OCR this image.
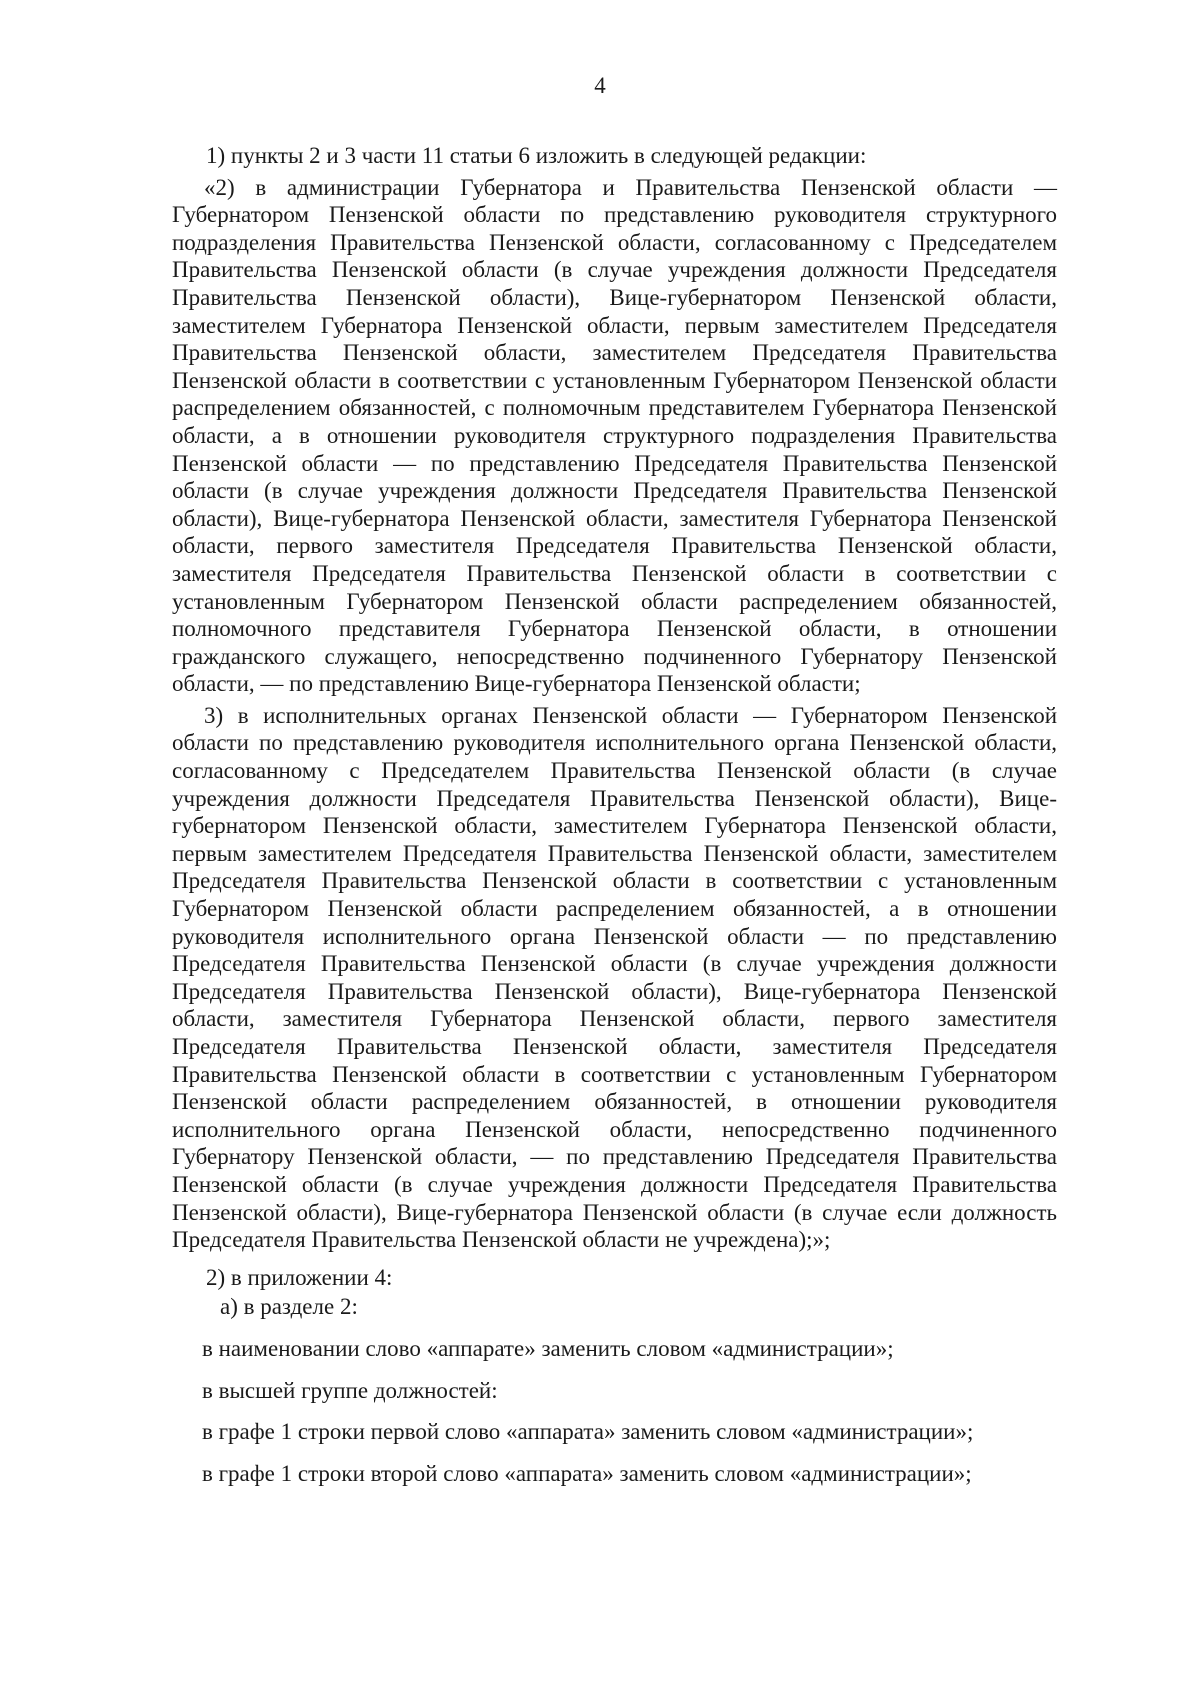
4

1) пункты 2 и 3 части 11 статьи 6 изложить в следующей редакции:

«2) в администрации Губернатора и Правительства Пензенской области — Губернатором Пензенской области по представлению руководителя структурного подразделения Правительства Пензенской области, согласованному с Председателем Правительства Пензенской области (в случае учреждения должности Председателя Правительства Пензенской области), Вице-губернатором Пензенской области, заместителем Губернатора Пензенской области, первым заместителем Председателя Правительства Пензенской области, заместителем Председателя Правительства Пензенской области в соответствии с установленным Губернатором Пензенской области распределением обязанностей, с полномочным представителем Губернатора Пензенской области, а в отношении руководителя структурного подразделения Правительства Пензенской области — по представлению Председателя Правительства Пензенской области (в случае учреждения должности Председателя Правительства Пензенской области), Вице-губернатора Пензенской области, заместителя Губернатора Пензенской области, первого заместителя Председателя Правительства Пензенской области, заместителя Председателя Правительства Пензенской области в соответствии с установленным Губернатором Пензенской области распределением обязанностей, полномочного представителя Губернатора Пензенской области, в отношении гражданского служащего, непосредственно подчиненного Губернатору Пензенской области, — по представлению Вице-губернатора Пензенской области;

3) в исполнительных органах Пензенской области — Губернатором Пензенской области по представлению руководителя исполнительного органа Пензенской области, согласованному с Председателем Правительства Пензенской области (в случае учреждения должности Председателя Правительства Пензенской области), Вице-губернатором Пензенской области, заместителем Губернатора Пензенской области, первым заместителем Председателя Правительства Пензенской области, заместителем Председателя Правительства Пензенской области в соответствии с установленным Губернатором Пензенской области распределением обязанностей, а в отношении руководителя исполнительного органа Пензенской области — по представлению Председателя Правительства Пензенской области (в случае учреждения должности Председателя Правительства Пензенской области), Вице-губернатора Пензенской области, заместителя Губернатора Пензенской области, первого заместителя Председателя Правительства Пензенской области, заместителя Председателя Правительства Пензенской области в соответствии с установленным Губернатором Пензенской области распределением обязанностей, в отношении руководителя исполнительного органа Пензенской области, непосредственно подчиненного Губернатору Пензенской области, — по представлению Председателя Правительства Пензенской области (в случае учреждения должности Председателя Правительства Пензенской области), Вице-губернатора Пензенской области (в случае если должность Председателя Правительства Пензенской области не учреждена);»;

2) в приложении 4:

а) в разделе 2:

в наименовании слово «аппарате» заменить словом «администрации»;

в высшей группе должностей:

в графе 1 строки первой слово «аппарата» заменить словом «администрации»;

в графе 1 строки второй слово «аппарата» заменить словом «администрации»;
